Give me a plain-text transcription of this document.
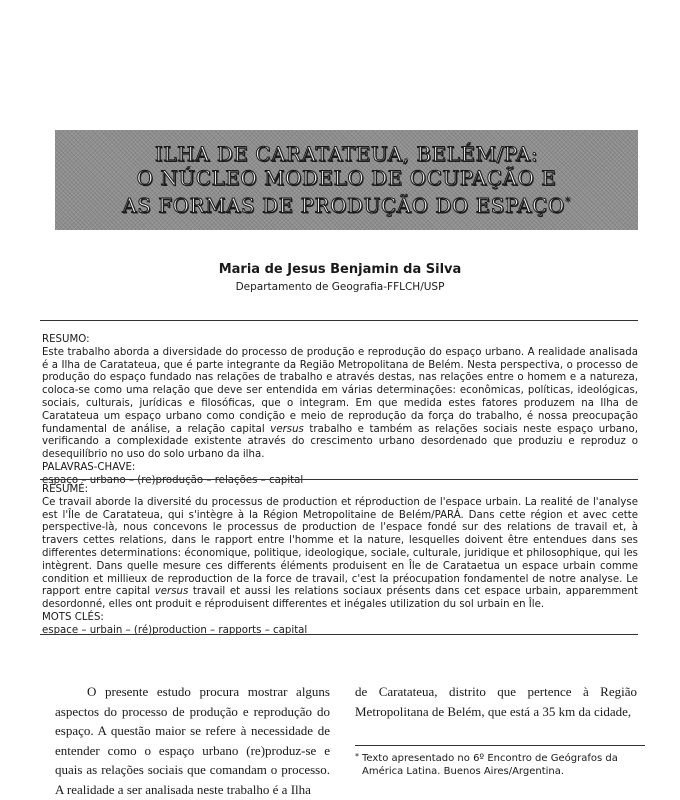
ILHA DE CARATATEUA, BELÉM/PA:
O NÚCLEO MODELO DE OCUPAÇÃO E
AS FORMAS DE PRODUÇÃO DO ESPAÇO*
Maria de Jesus Benjamin da Silva
Departamento de Geografia-FFLCH/USP
RESUMO:

Este trabalho aborda a diversidade do processo de produção e reprodução do espaço urbano. A realidade analisada é a Ilha de Caratateua, que é parte integrante da Região Metropolitana de Belém. Nesta perspectiva, o processo de produção do espaço fundado nas relações de trabalho e através destas, nas relações entre o homem e a natureza, coloca-se como uma relação que deve ser entendida em várias determinações: econômicas, políticas, ideológicas, sociais, culturais, jurídicas e filosóficas, que o integram. Em que medida estes fatores produzem na Ilha de Caratateua um espaço urbano como condição e meio de reprodução da força do trabalho, é nossa preocupação fundamental de análise, a relação capital versus trabalho e também as relações sociais neste espaço urbano, verificando a complexidade existente através do crescimento urbano desordenado que produziu e reproduz o desequilíbrio no uso do solo urbano da ilha.

PALAVRAS-CHAVE:
espaço – urbano – (re)produção – relações – capital
RÉSUMÉ:

Ce travail aborde la diversité du processus de production et réproduction de l'espace urbain. La realité de l'analyse est l'Île de Caratateua, qui s'intègre à la Région Metropolitaine de Belém/PARÁ. Dans cette région et avec cette perspective-là, nous concevons le processus de production de l'espace fondé sur des relations de travail et, à travers cettes relations, dans le rapport entre l'homme et la nature, lesquelles doivent être entendues dans ses differentes determinations: économique, politique, ideologique, sociale, culturale, juridique et philosophique, qui les intègrent. Dans quelle mesure ces differents éléments produisent en Île de Carataetua un espace urbain comme condition et millieux de reproduction de la force de travail, c'est la préocupation fondamentel de notre analyse. Le rapport entre capital versus travail et aussi les relations sociaux présents dans cet espace urbain, apparemment desordonné, elles ont produit e réproduisent differentes et inégales utilization du sol urbain en Île.

MOTS CLÉS:
espace – urbain – (ré)production – rapports – capital
O presente estudo procura mostrar alguns aspectos do processo de produção e reprodução do espaço. A questão maior se refere à necessidade de entender como o espaço urbano (re)produz-se e quais as relações sociais que comandam o processo. A realidade a ser analisada neste trabalho é a Ilha
de Caratateua, distrito que pertence à Região Metropolitana de Belém, que está a 35 km da cidade,
* Texto apresentado no 6º Encontro de Geógrafos da América Latina. Buenos Aires/Argentina.
